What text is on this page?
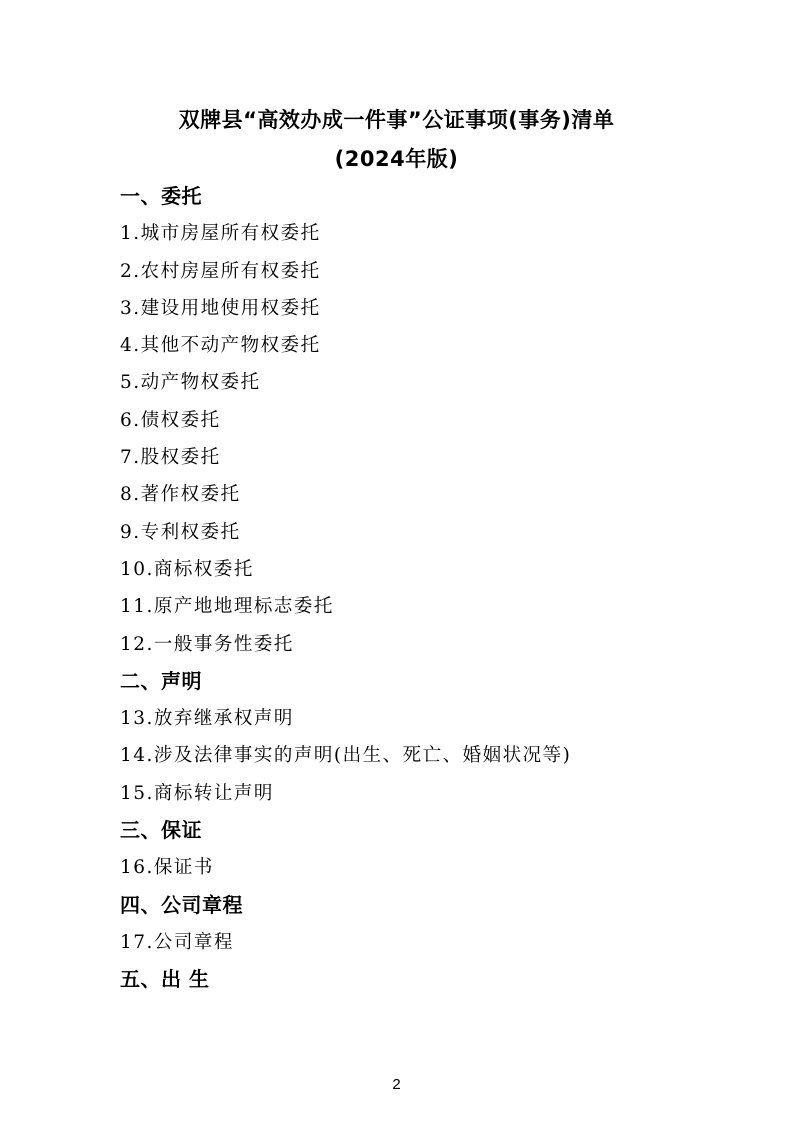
双牌县“高效办成一件事”公证事项(事务)清单
(2024年版)
一、委托
1.城市房屋所有权委托
2.农村房屋所有权委托
3.建设用地使用权委托
4.其他不动产物权委托
5.动产物权委托
6.债权委托
7.股权委托
8.著作权委托
9.专利权委托
10.商标权委托
11.原产地地理标志委托
12.一般事务性委托
二、声明
13.放弃继承权声明
14.涉及法律事实的声明(出生、死亡、婚姻状况等)
15.商标转让声明
三、保证
16.保证书
四、公司章程
17.公司章程
五、出 生
2
